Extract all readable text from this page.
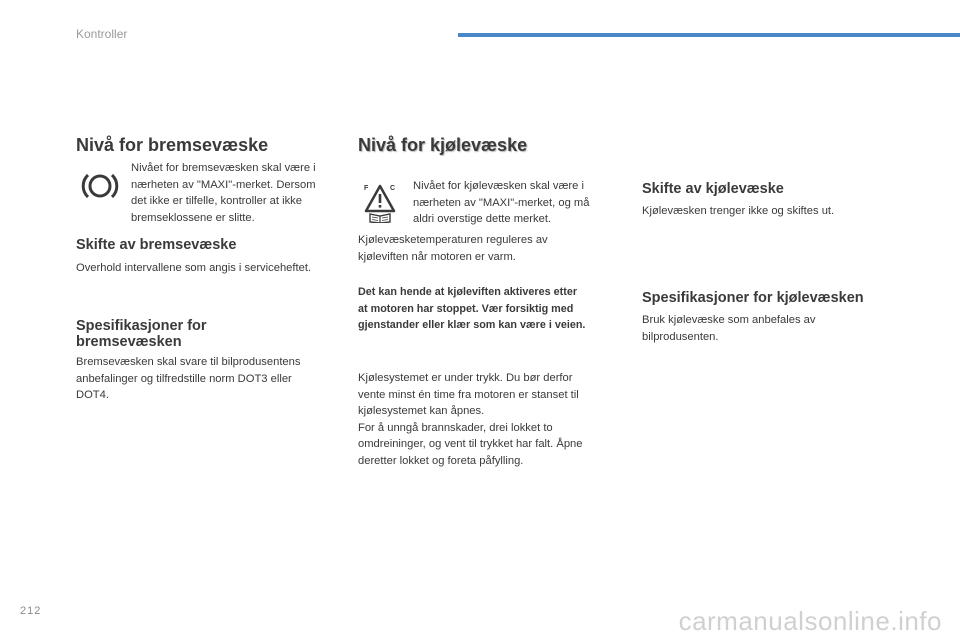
Kontroller
Nivå for bremsevæske
Nivået for bremsevæsken skal være i
nærheten av "MAXI"-merket. Dersom
det ikke er tilfelle, kontroller at ikke
bremseklossene er slitte.
Skifte av bremsevæske
Overhold intervallene som angis i serviceheftet.
Spesifikasjoner for
bremsevæsken
Bremsevæsken skal svare til bilprodusentens
anbefalinger og tilfredstille norm DOT3 eller
DOT4.
Nivå for kjølevæske
F	C Nivået for kjølevæsken skal være i
nærheten av "MAXI"-merket, og må
aldri overstige dette merket.
Kjølevæsketemperaturen reguleres av
kjøleviften når motoren er varm.
Det kan hende at kjøleviften aktiveres etter
at motoren har stoppet. Vær forsiktig med
gjenstander eller klær som kan være i veien.
Kjølesystemet er under trykk. Du bør derfor
vente minst én time fra motoren er stanset til
kjølesystemet kan åpnes.
For å unngå brannskader, drei lokket to
omdreininger, og vent til trykket har falt. Åpne
deretter lokket og foreta påfylling.
Skifte av kjølevæske
Kjølevæsken trenger ikke og skiftes ut.
Spesifikasjoner for kjølevæsken
Bruk kjølevæske som anbefales av
bilprodusenten.
212	carmanualsonline.info
